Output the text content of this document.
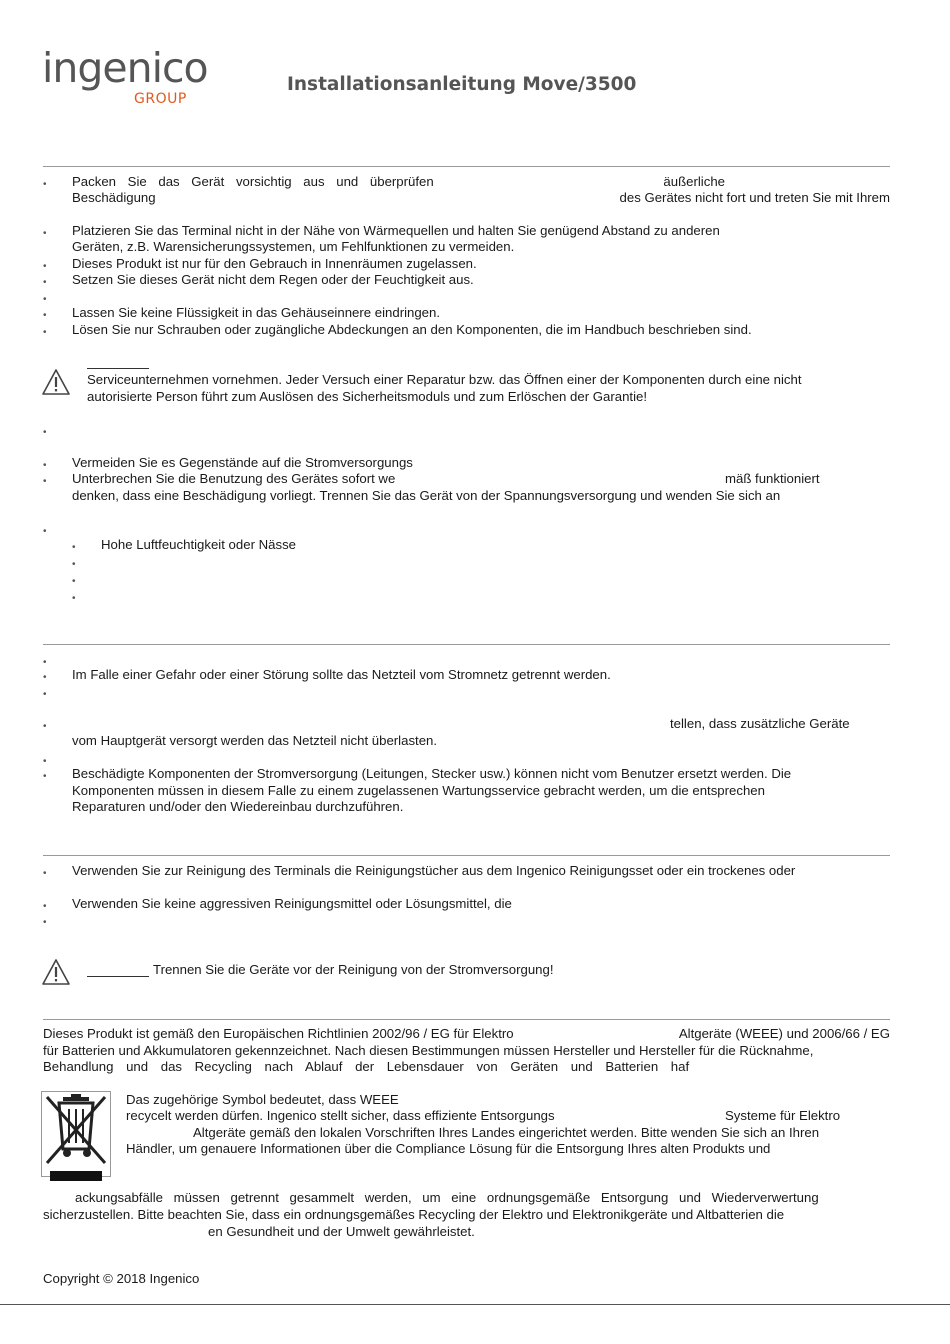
ingenico
GROUP
Installationsanleitung Move/3500
• Packen Sie das Gerät vorsichtig aus und überprüfen	äußerliche
Beschädigung	des Gerätes nicht fort und treten Sie mit Ihrem
• Platzieren Sie das Terminal nicht in der Nähe von Wärmequellen und halten Sie genügend Abstand zu anderen
Geräten, z.B. Warensicherungssystemen, um Fehlfunktionen zu vermeiden.
• Dieses Produkt ist nur für den Gebrauch in Innenräumen zugelassen.
• Setzen Sie dieses Gerät nicht dem Regen oder der Feuchtigkeit aus.
•
• Lassen Sie keine Flüssigkeit in das Gehäuseinnere eindringen.
• Lösen Sie nur Schrauben oder zugängliche Abdeckungen an den Komponenten, die im Handbuch beschrieben sind.
Serviceunternehmen vornehmen. Jeder Versuch einer Reparatur bzw. das Öffnen einer der Komponenten durch eine nicht
autorisierte Person führt zum Auslösen des Sicherheitsmoduls und zum Erlöschen der Garantie!
•
• Vermeiden Sie es Gegenstände auf die Stromversorgungs
• Unterbrechen Sie die Benutzung des Gerätes sofort we	mäß funktioniert
denken, dass eine Beschädigung vorliegt. Trennen Sie das Gerät von der Spannungsversorgung und wenden Sie sich an
•
• Hohe Luftfeuchtigkeit oder Nässe
•
•
•
•
• Im Falle einer Gefahr oder einer Störung sollte das Netzteil vom Stromnetz getrennt werden.
•
•	tellen, dass zusätzliche Geräte
vom Hauptgerät versorgt werden das Netzteil nicht überlasten.
•
• Beschädigte Komponenten der Stromversorgung (Leitungen, Stecker usw.) können nicht vom Benutzer ersetzt werden. Die
Komponenten müssen in diesem Falle zu einem zugelassenen Wartungsservice gebracht werden, um die entsprechen
Reparaturen und/oder den Wiedereinbau durchzuführen.
• Verwenden Sie zur Reinigung des Terminals die Reinigungstücher aus dem Ingenico Reinigungsset oder ein trockenes oder
• Verwenden Sie keine aggressiven Reinigungsmittel oder Lösungsmittel, die
•
Trennen Sie die Geräte vor der Reinigung von der Stromversorgung!
Dieses Produkt ist gemäß den Europäischen Richtlinien 2002/96 / EG für Elektro	Altgeräte (WEEE) und 2006/66 / EG
für Batterien und Akkumulatoren gekennzeichnet. Nach diesen Bestimmungen müssen Hersteller und Hersteller für die Rücknahme,
Behandlung und das Recycling nach Ablauf der Lebensdauer von Geräten und Batterien haf
Das zugehörige Symbol bedeutet, dass WEEE
recycelt werden dürfen. Ingenico stellt sicher, dass effiziente Entsorgungs	Systeme für Elektro
Altgeräte gemäß den lokalen Vorschriften Ihres Landes eingerichtet werden. Bitte wenden Sie sich an Ihren
Händler, um genauere Informationen über die Compliance Lösung für die Entsorgung Ihres alten Produkts und
ackungsabfälle müssen getrennt gesammelt werden, um eine ordnungsgemäße Entsorgung und Wiederverwertung
sicherzustellen. Bitte beachten Sie, dass ein ordnungsgemäßes Recycling der Elektro und Elektronikgeräte und Altbatterien die
en Gesundheit und der Umwelt gewährleistet.
Copyright © 2018 Ingenico
